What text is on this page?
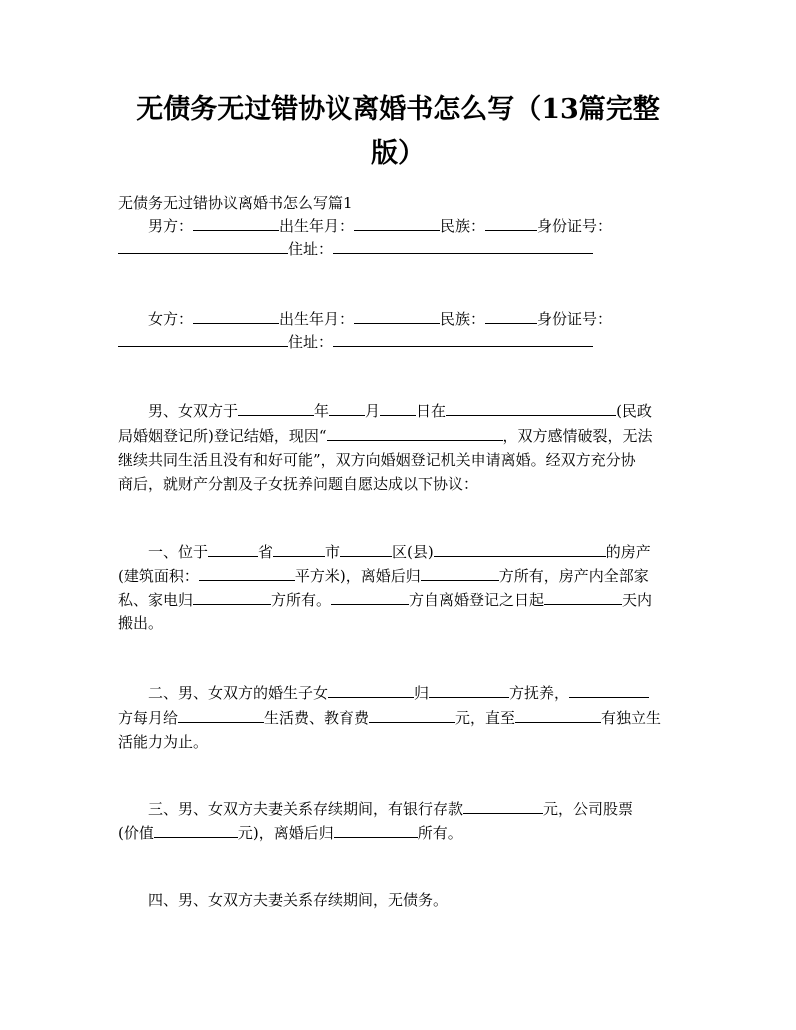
无债务无过错协议离婚书怎么写（13篇完整
版）
无债务无过错协议离婚书怎么写篇1
男方：	出生年月：	民族：	身份证号：
住址：
女方：	出生年月：	民族：	身份证号：
住址：
男、女双方于	年 月 日在	(民政
局婚姻登记所)登记结婚，现因“	，双方感情破裂，无法
继续共同生活且没有和好可能”，双方向婚姻登记机关申请离婚。经双方充分协
商后，就财产分割及子女抚养问题自愿达成以下协议：
一、位于	省	市	区(县)	的房产
(建筑面积：	平方米)，离婚后归	方所有，房产内全部家
私、家电归	方所有。	方自离婚登记之日起	天内
搬出。
二、男、女双方的婚生子女	归	方抚养，
方每月给	生活费、教育费	元，直至	有独立生
活能力为止。
三、男、女双方夫妻关系存续期间，有银行存款	元，公司股票
(价值	元)，离婚后归	所有。
四、男、女双方夫妻关系存续期间，无债务。
